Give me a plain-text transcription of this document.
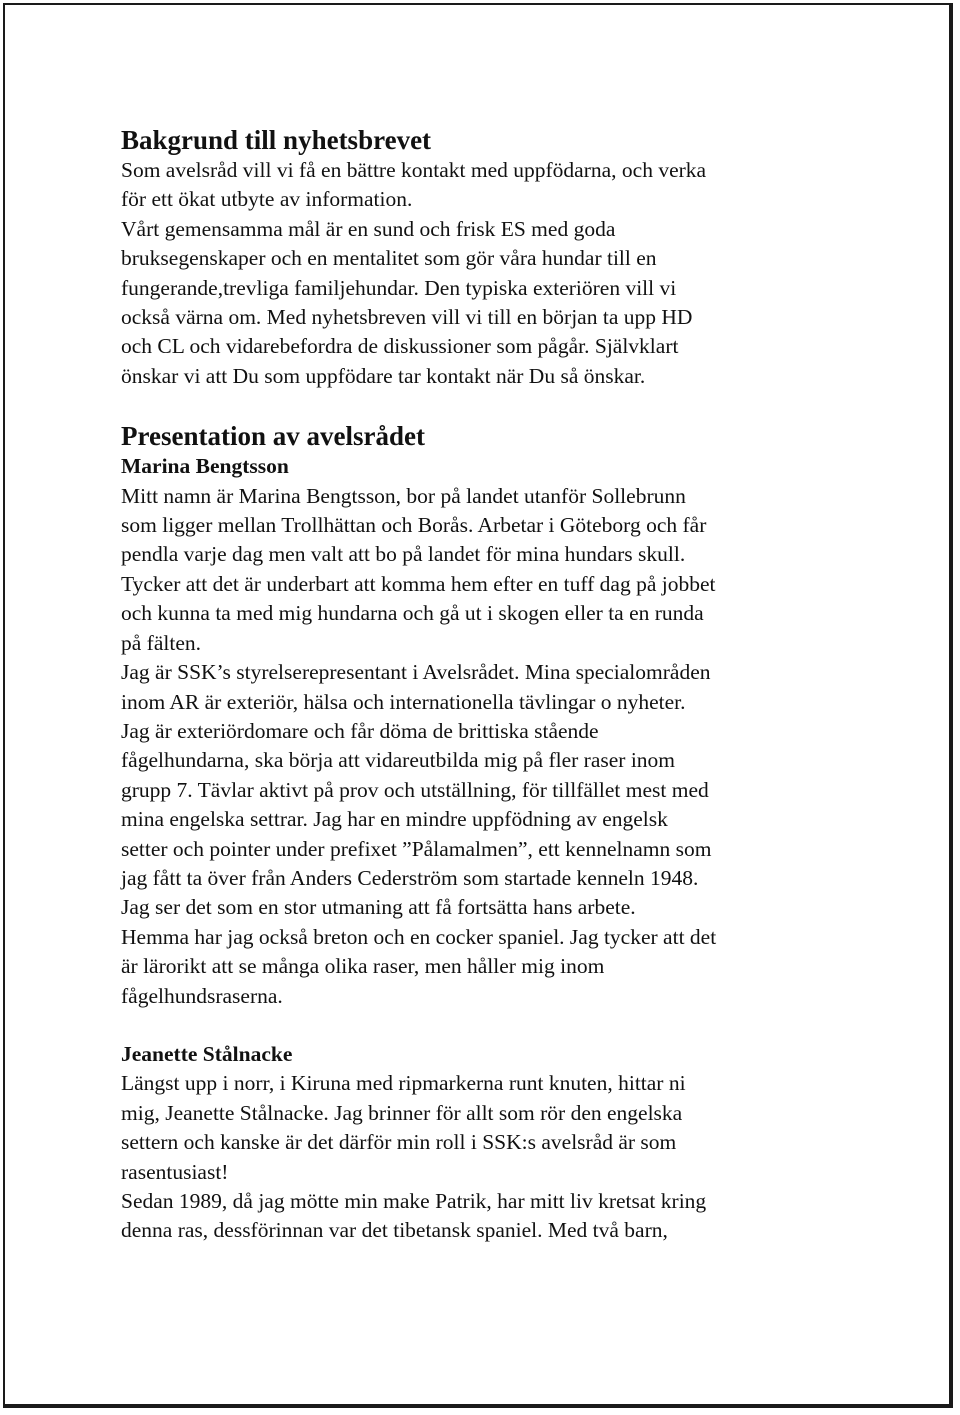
Bakgrund till nyhetsbrevet

Som avelsråd vill vi få en bättre kontakt med uppfödarna, och verka
för ett ökat utbyte av information.
Vårt gemensamma mål är en sund och frisk ES med goda
bruksegenskaper och en mentalitet som gör våra hundar till en
fungerande,trevliga familjehundar. Den typiska exteriören vill vi
också värna om. Med nyhetsbreven vill vi till en början ta upp HD
och CL och vidarebefordra de diskussioner som pågår. Självklart
önskar vi att Du som uppfödare tar kontakt när Du så önskar.

Presentation av avelsrådet
Marina Bengtsson

Mitt namn är Marina Bengtsson, bor på landet utanför Sollebrunn
som ligger mellan Trollhättan och Borås. Arbetar i Göteborg och får
pendla varje dag men valt att bo på landet för mina hundars skull.
Tycker att det är underbart att komma hem efter en tuff dag på jobbet
och kunna ta med mig hundarna och gå ut i skogen eller ta en runda
på fälten.
Jag är SSK’s styrelserepresentant i Avelsrådet. Mina specialområden
inom AR är exteriör, hälsa och internationella tävlingar o nyheter.
Jag är exteriördomare och får döma de brittiska stående
fågelhundarna, ska börja att vidareutbilda mig på fler raser inom
grupp 7. Tävlar aktivt på prov och utställning, för tillfället mest med
mina engelska settrar. Jag har en mindre uppfödning av engelsk
setter och pointer under prefixet ”Pålamalmen”, ett kennelnamn som
jag fått ta över från Anders Cederström som startade kenneln 1948.
Jag ser det som en stor utmaning att få fortsätta hans arbete.
Hemma har jag också breton och en cocker spaniel. Jag tycker att det
är lärorikt att se många olika raser, men håller mig inom
fågelhundsraserna.

Jeanette Stålnacke

Längst upp i norr, i Kiruna med ripmarkerna runt knuten, hittar ni
mig, Jeanette Stålnacke. Jag brinner för allt som rör den engelska
settern och kanske är det därför min roll i SSK:s avelsråd är som
rasentusiast!
Sedan 1989, då jag mötte min make Patrik, har mitt liv kretsat kring
denna ras, dessförinnan var det tibetansk spaniel. Med två barn,
